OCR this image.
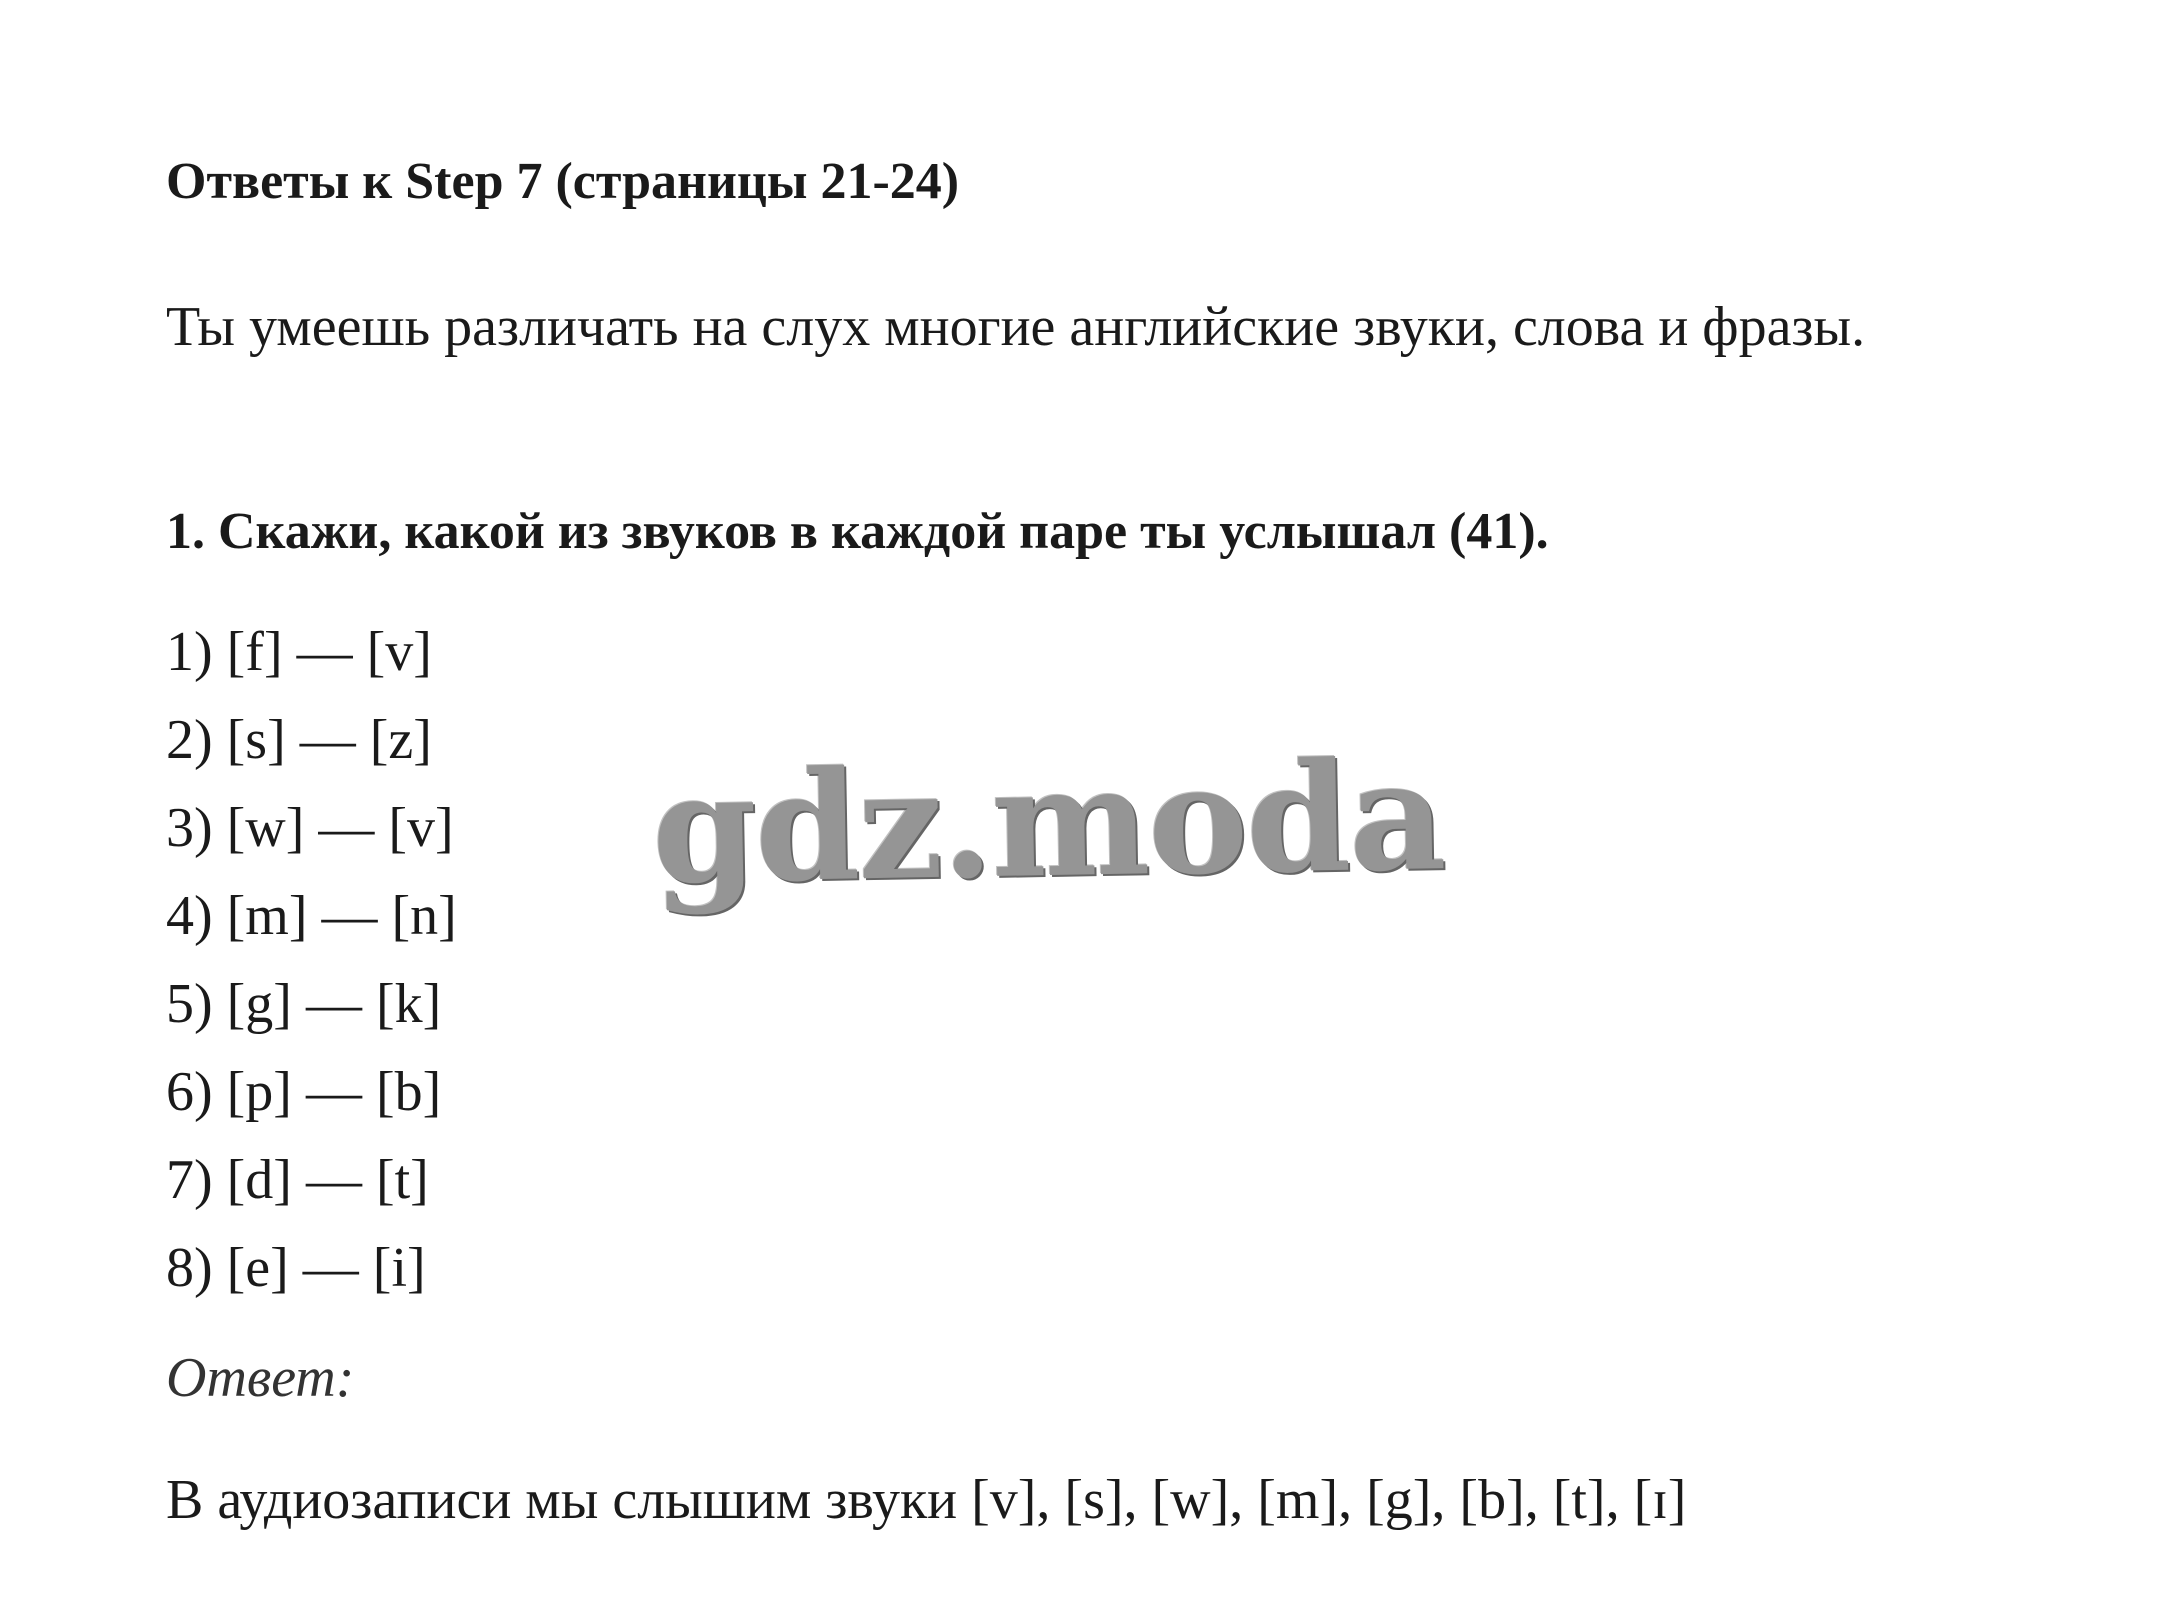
Ответы к Step 7 (страницы 21-24)
Ты умеешь различать на слух многие английские звуки, слова и фразы.
1. Скажи, какой из звуков в каждой паре ты услышал (41).
1) [f] — [v]
2) [s] — [z]
3) [w] — [v]
4) [m] — [n]
5) [g] — [k]
6) [p] — [b]
7) [d] — [t]
8) [e] — [i]
Ответ:
В аудиозаписи мы слышим звуки [v], [s], [w], [m], [g], [b], [t], [ɪ]
gdz.moda
